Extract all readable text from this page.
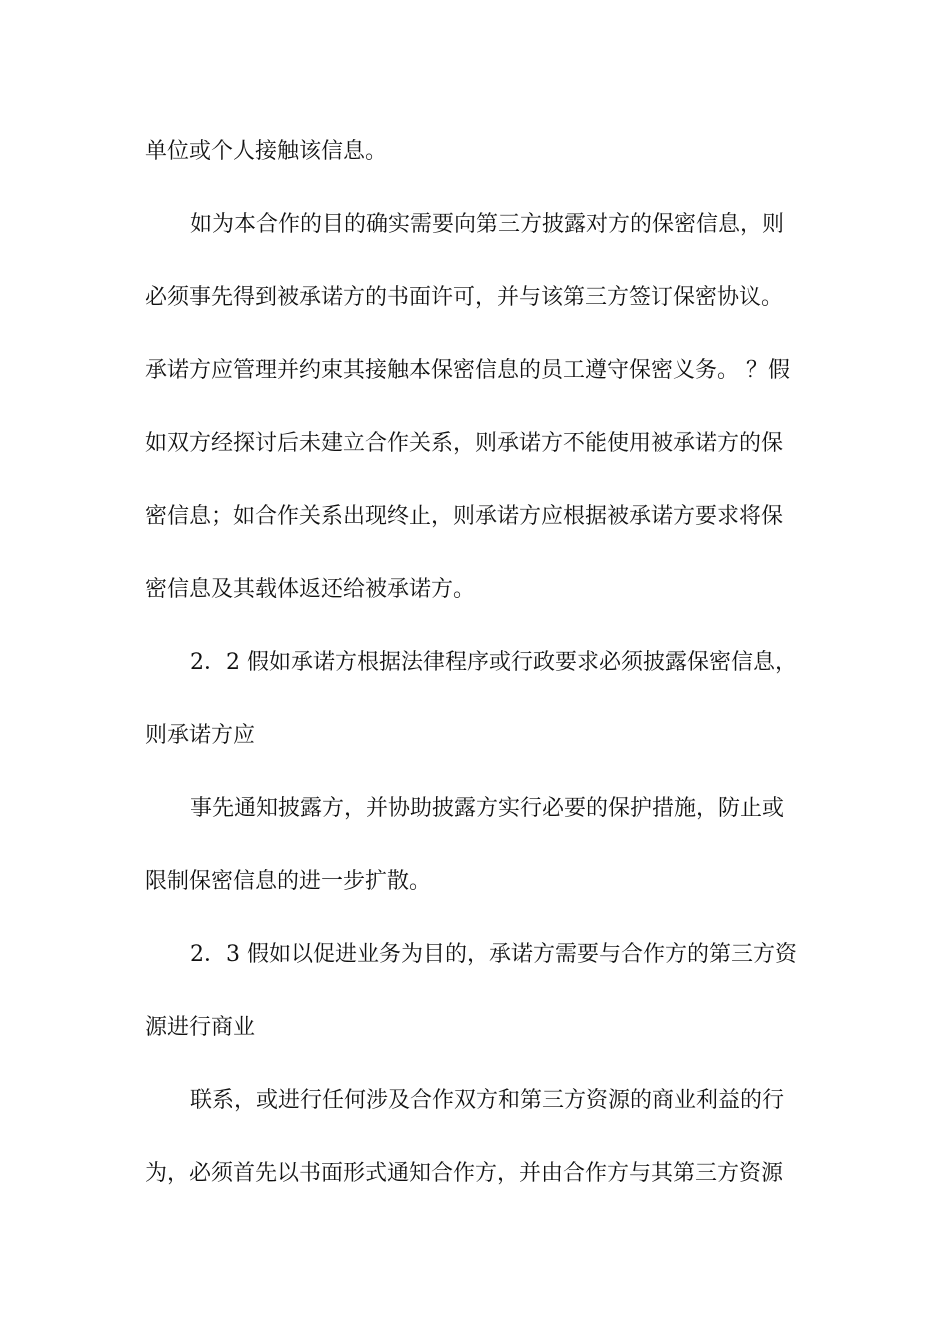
单位或个人接触该信息。
如为本合作的目的确实需要向第三方披露对方的保密信息，则
必须事先得到被承诺方的书面许可，并与该第三方签订保密协议。
承诺方应管理并约束其接触本保密信息的员工遵守保密义务。 ？假
如双方经探讨后未建立合作关系，则承诺方不能使用被承诺方的保
密信息；如合作关系出现终止，则承诺方应根据被承诺方要求将保
密信息及其载体返还给被承诺方。
2．2 假如承诺方根据法律程序或行政要求必须披露保密信息，
则承诺方应
事先通知披露方，并协助披露方实行必要的保护措施，防止或
限制保密信息的进一步扩散。
2．3 假如以促进业务为目的，承诺方需要与合作方的第三方资
源进行商业
联系，或进行任何涉及合作双方和第三方资源的商业利益的行
为，必须首先以书面形式通知合作方，并由合作方与其第三方资源
